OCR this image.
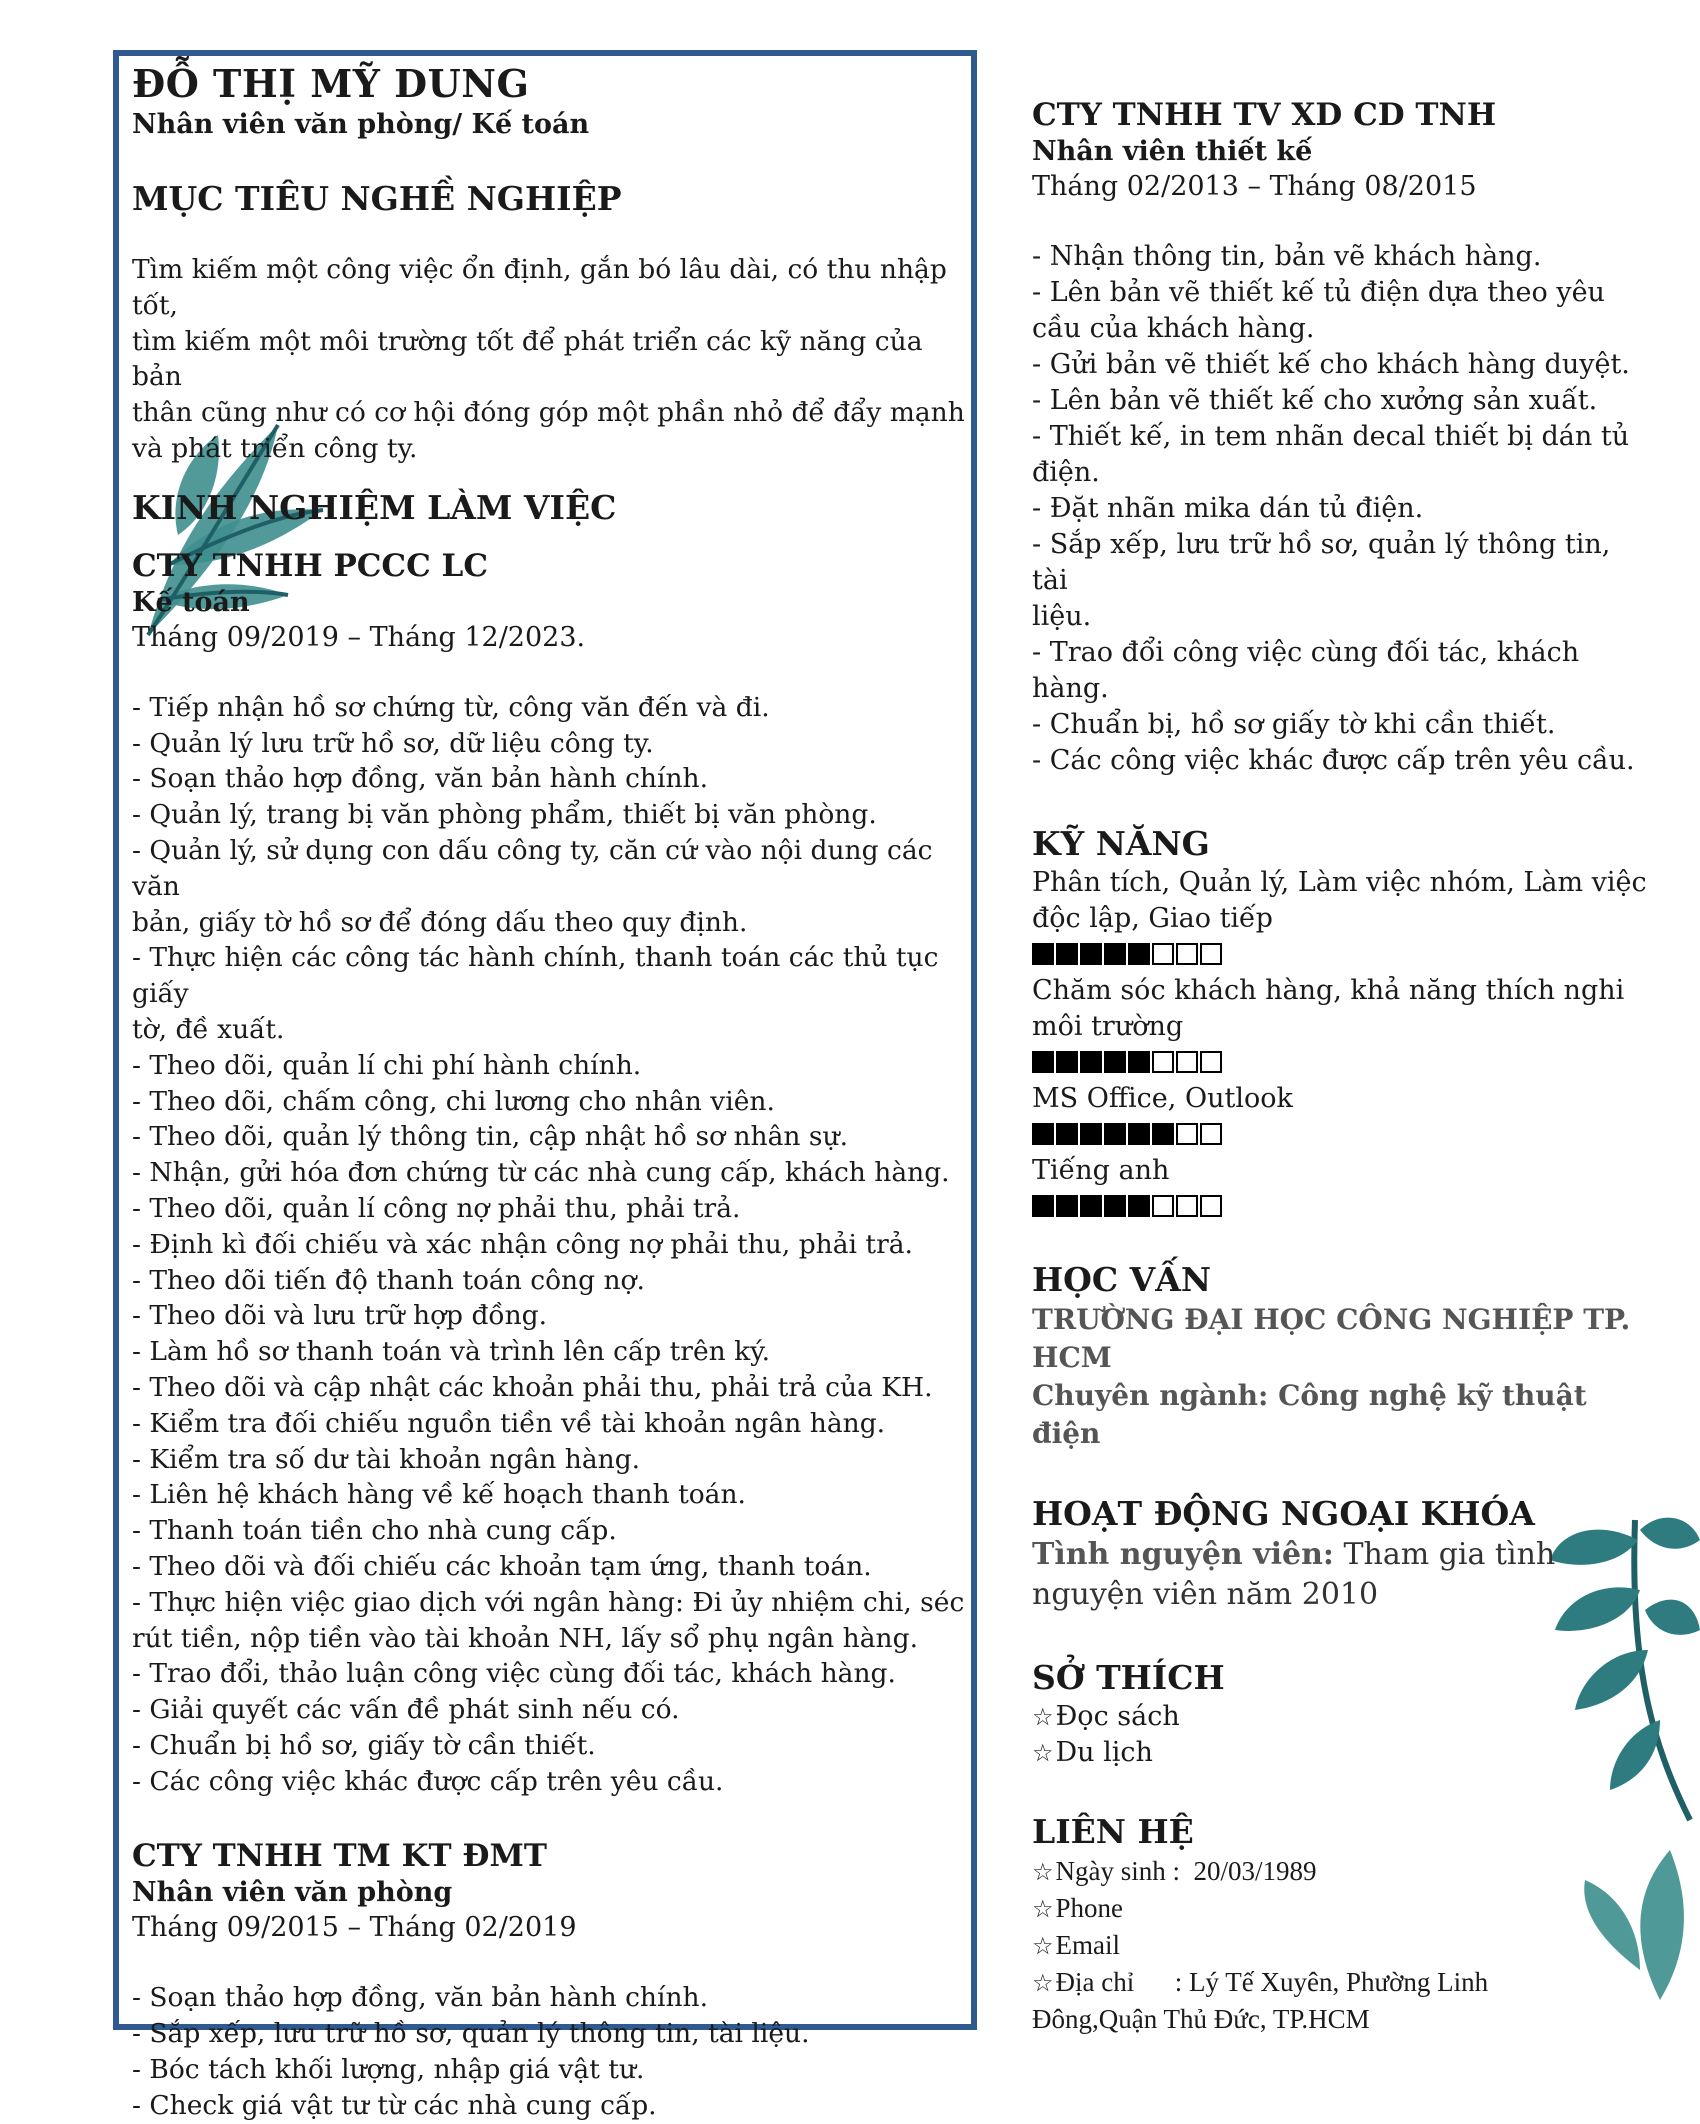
ĐỖ THỊ MỸ DUNG

Nhân viên văn phòng/ Kế toán

MỤC TIÊU NGHỀ NGHIỆP

Tìm kiếm một công việc ổn định, gắn bó lâu dài, có thu nhập tốt,

tìm kiếm một môi trường tốt để phát triển các kỹ năng của bản

thân cũng như có cơ hội đóng góp một phần nhỏ để đẩy mạnh

và phát triển công ty.

KINH NGHIỆM LÀM VIỆC

CTY TNHH PCCC LC

Kế toán

Tháng 09/2019 – Tháng 12/2023.

- Tiếp nhận hồ sơ chứng từ, công văn đến và đi.

- Quản lý lưu trữ hồ sơ, dữ liệu công ty.

- Soạn thảo hợp đồng, văn bản hành chính.

- Quản lý, trang bị văn phòng phẩm, thiết bị văn phòng.

- Quản lý, sử dụng con dấu công ty, căn cứ vào nội dung các văn

bản, giấy tờ hồ sơ để đóng dấu theo quy định.

- Thực hiện các công tác hành chính, thanh toán các thủ tục giấy

tờ, đề xuất.

- Theo dõi, quản lí chi phí hành chính.

- Theo dõi, chấm công, chi lương cho nhân viên.

- Theo dõi, quản lý thông tin, cập nhật hồ sơ nhân sự.

- Nhận, gửi hóa đơn chứng từ các nhà cung cấp, khách hàng.

- Theo dõi, quản lí công nợ phải thu, phải trả.

- Định kì đối chiếu và xác nhận công nợ phải thu, phải trả.

- Theo dõi tiến độ thanh toán công nợ.

- Theo dõi và lưu trữ hợp đồng.

- Làm hồ sơ thanh toán và trình lên cấp trên ký.

- Theo dõi và cập nhật các khoản phải thu, phải trả của KH.

- Kiểm tra đối chiếu nguồn tiền về tài khoản ngân hàng.

- Kiểm tra số dư tài khoản ngân hàng.

- Liên hệ khách hàng về kế hoạch thanh toán.

- Thanh toán tiền cho nhà cung cấp.

- Theo dõi và đối chiếu các khoản tạm ứng, thanh toán.

- Thực hiện việc giao dịch với ngân hàng: Đi ủy nhiệm chi, séc

rút tiền, nộp tiền vào tài khoản NH, lấy sổ phụ ngân hàng.

- Trao đổi, thảo luận công việc cùng đối tác, khách hàng.

- Giải quyết các vấn đề phát sinh nếu có.

- Chuẩn bị hồ sơ, giấy tờ cần thiết.

- Các công việc khác được cấp trên yêu cầu.

CTY TNHH TM KT ĐMT

Nhân viên văn phòng

Tháng 09/2015 – Tháng 02/2019

- Soạn thảo hợp đồng, văn bản hành chính.

- Sắp xếp, lưu trữ hồ sơ, quản lý thông tin, tài liệu.

- Bóc tách khối lượng, nhập giá vật tư.

- Check giá vật tư từ các nhà cung cấp.

CTY TNHH TV XD CD TNH

Nhân viên thiết kế

Tháng 02/2013 – Tháng 08/2015

- Nhận thông tin, bản vẽ khách hàng.

- Lên bản vẽ thiết kế tủ điện dựa theo yêu

cầu của khách hàng.

- Gửi bản vẽ thiết kế cho khách hàng duyệt.

- Lên bản vẽ thiết kế cho xưởng sản xuất.

- Thiết kế, in tem nhãn decal thiết bị dán tủ

điện.

- Đặt nhãn mika dán tủ điện.

- Sắp xếp, lưu trữ hồ sơ, quản lý thông tin, tài

liệu.

- Trao đổi công việc cùng đối tác, khách

hàng.

- Chuẩn bị, hồ sơ giấy tờ khi cần thiết.

- Các công việc khác được cấp trên yêu cầu.

KỸ NĂNG

Phân tích, Quản lý, Làm việc nhóm, Làm việc

độc lập, Giao tiếp

Chăm sóc khách hàng, khả năng thích nghi

môi trường

MS Office, Outlook

Tiếng anh

HỌC VẤN

TRƯỜNG ĐẠI HỌC CÔNG NGHIỆP TP. HCM

Chuyên ngành: Công nghệ kỹ thuật điện

HOẠT ĐỘNG NGOẠI KHÓA

Tình nguyện viên: Tham gia tình

nguyện viên năm 2010

SỞ THÍCH

☆Đọc sách

☆Du lịch

LIÊN HỆ

☆Ngày sinh :  20/03/1989

☆Phone

☆Email

☆Địa chỉ      : Lý Tế Xuyên, Phường Linh

Đông,Quận Thủ Đức, TP.HCM
